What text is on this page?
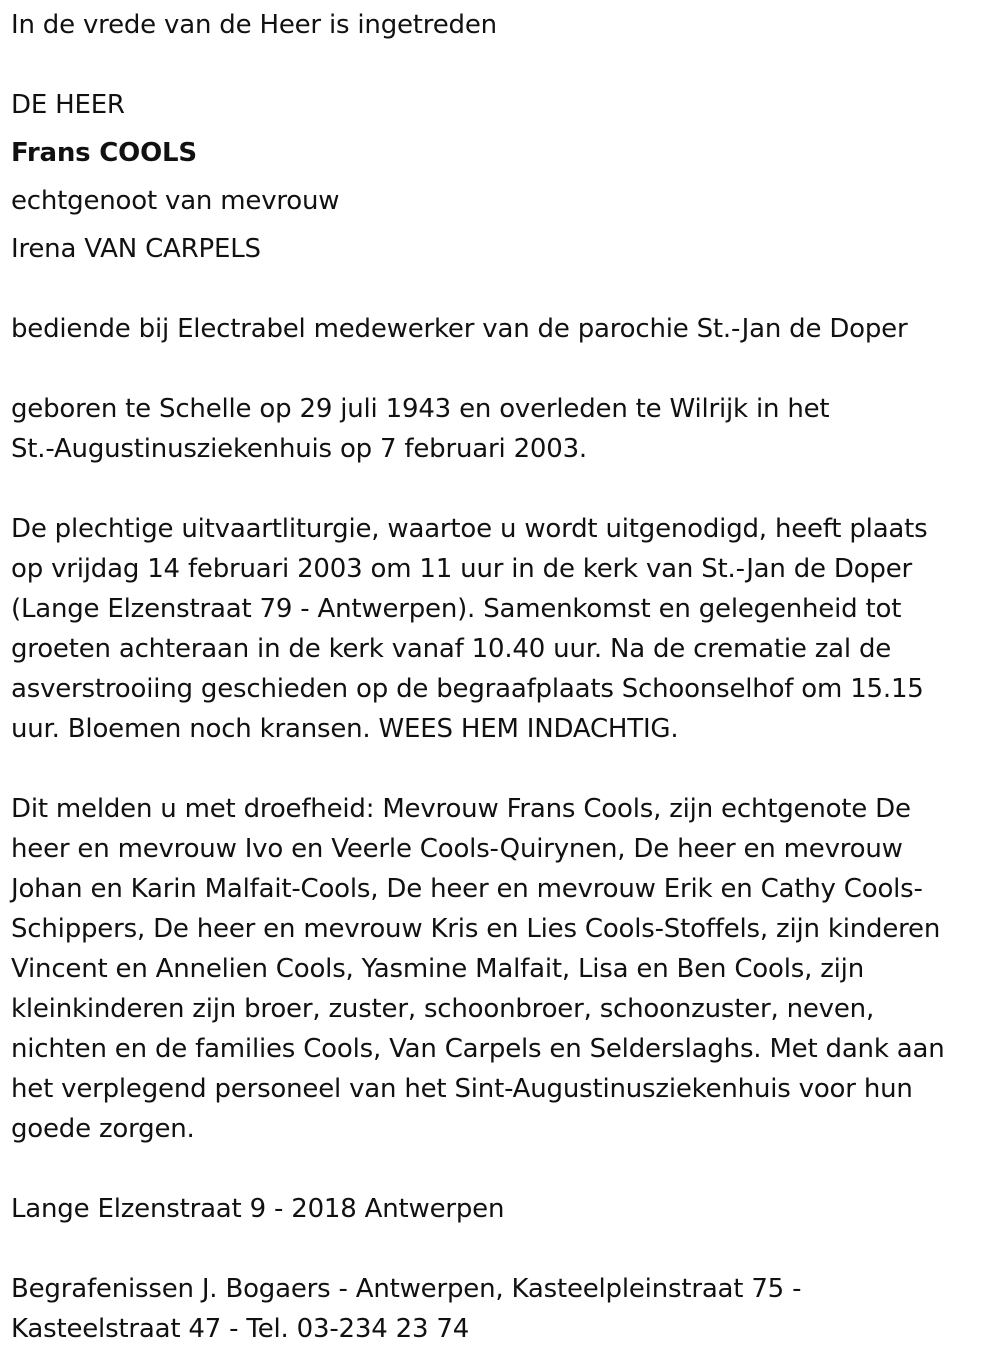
In de vrede van de Heer is ingetreden

DE HEER

Frans COOLS

echtgenoot van mevrouw

Irena VAN CARPELS

bediende bij Electrabel medewerker van de parochie St.-Jan de Doper

geboren te Schelle op 29 juli 1943 en overleden te Wilrijk in het

St.-Augustinusziekenhuis op 7 februari 2003.

De plechtige uitvaartliturgie, waartoe u wordt uitgenodigd, heeft plaats

op vrijdag 14 februari 2003 om 11 uur in de kerk van St.-Jan de Doper

(Lange Elzenstraat 79 - Antwerpen). Samenkomst en gelegenheid tot

groeten achteraan in de kerk vanaf 10.40 uur. Na de crematie zal de

asverstrooiing geschieden op de begraafplaats Schoonselhof om 15.15

uur. Bloemen noch kransen. WEES HEM INDACHTIG.

Dit melden u met droefheid: Mevrouw Frans Cools, zijn echtgenote De

heer en mevrouw Ivo en Veerle Cools-Quirynen, De heer en mevrouw

Johan en Karin Malfait-Cools, De heer en mevrouw Erik en Cathy Cools-

Schippers, De heer en mevrouw Kris en Lies Cools-Stoffels, zijn kinderen

Vincent en Annelien Cools, Yasmine Malfait, Lisa en Ben Cools, zijn

kleinkinderen zijn broer, zuster, schoonbroer, schoonzuster, neven,

nichten en de families Cools, Van Carpels en Selderslaghs. Met dank aan

het verplegend personeel van het Sint-Augustinusziekenhuis voor hun

goede zorgen.

Lange Elzenstraat 9 - 2018 Antwerpen

Begrafenissen J. Bogaers - Antwerpen, Kasteelpleinstraat 75 -

Kasteelstraat 47 - Tel. 03-234 23 74
